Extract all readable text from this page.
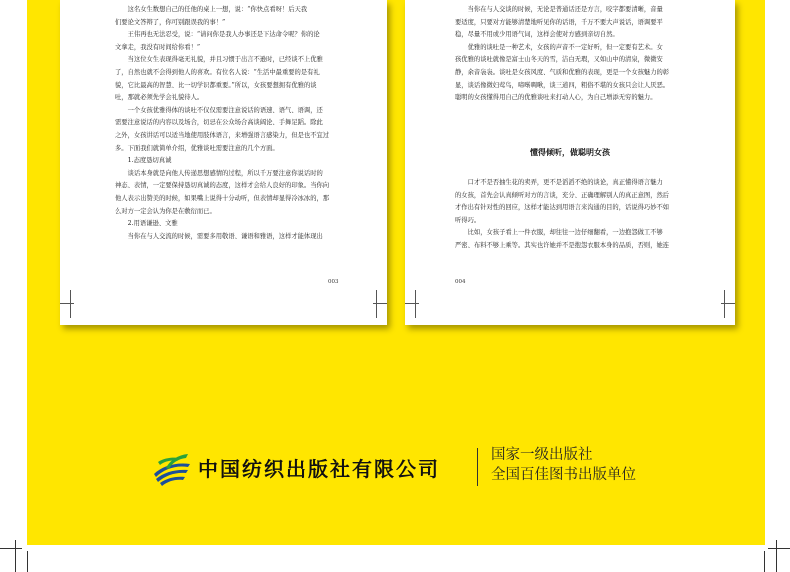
这名女生数想自己的任他的桌上一想，说：“你快点看呀！后天我

们要论文答辩了，你可别跟误我的事！”

王伟再也无法忍受，说：“请问你是我人办事还是下达命令呢？你的论

文拿走，我没有时间给你看！”

当这位女生表现得毫无礼貌，并且习惯于出言不逊时，已经谈不上优雅

了，自然也就不会得到他人的喜欢。有位名人说：“生活中最重要的是有礼

貌，它比最高的智慧、比一切学识都重要。”所以，女孩要想拥有优雅的谈

吐，那就必须先学会礼貌待人。

一个女孩优雅得体的谈吐不仅仅需要注意说话的语速、语气、语调，还

需要注意说话的内容以及场合，切忌在公众场合高谈阔论、手舞足蹈。除此

之外，女孩讲话可以适当地使用肢体语言，来增强语言感染力，但是也不宜过

多。下面我们就简单介绍，优雅谈吐需要注意的几个方面。

1.态度恳切真诚

谈话本身就是向他人传递思想感情的过程，所以千万要注意你说话时的

神态、表情，一定要保持恳切真诚的态度，这样才会给人良好的印象。当你向

他人表示出赞美的时候，如果嘴上说得十分动听，但表情却显得冷冰冰的，那

么对方一定会认为你是在敷衍而已。

2.用语谦逊、文雅

当你在与人交流的时候，需要多用敬语、谦语和雅语，这样才能体现出

003

当你在与人交谈的时候，无论是普通话还是方言，咬字都要清晰，音量

要适度，只要对方能够清楚地听见你的话语，千万不要大声说话，语调要平

稳，尽量不用或少用语气词，这样会使对方感到亲切自然。

优雅的谈吐是一种艺术，女孩的声音不一定好听，但一定要有艺术。女

孩优雅的谈吐就像是富士山冬天的雪，洁白无瑕，又如山中的清泉，微微安

静，余音袅袅。谈吐是女孩风度、气质和优雅的表现，更是一个女孩魅力的彰

显，谈话像微妇莺鸟，啼啭啁啾，谈三道四，粗俗不堪的女孩只会让人厌恶。

聪明的女孩懂得用自己的优雅谈吐来打动人心，为自己增添无穷的魅力。

懂得倾听，做聪明女孩

口才不是否抽生花的卖弄，更不是滔滔不绝的谈论，真正懂得语言魅力

的女孩，首先会认真倾听对方的言谈，充分、正确理解别人的真正意图，然后

才作出有针对性的回应，这样才能达到用语言来沟通的目的，话说得巧妙不如

听得巧。

比如，女孩子看上一件衣服，却往往一边仔细翻看，一边抱怨做工不够

严密、布料不够上乘等。其实也许她并不是抱怨衣服本身的品质，否则，她连

004
中国纺织出版社有限公司
国家一级出版社
全国百佳图书出版单位
